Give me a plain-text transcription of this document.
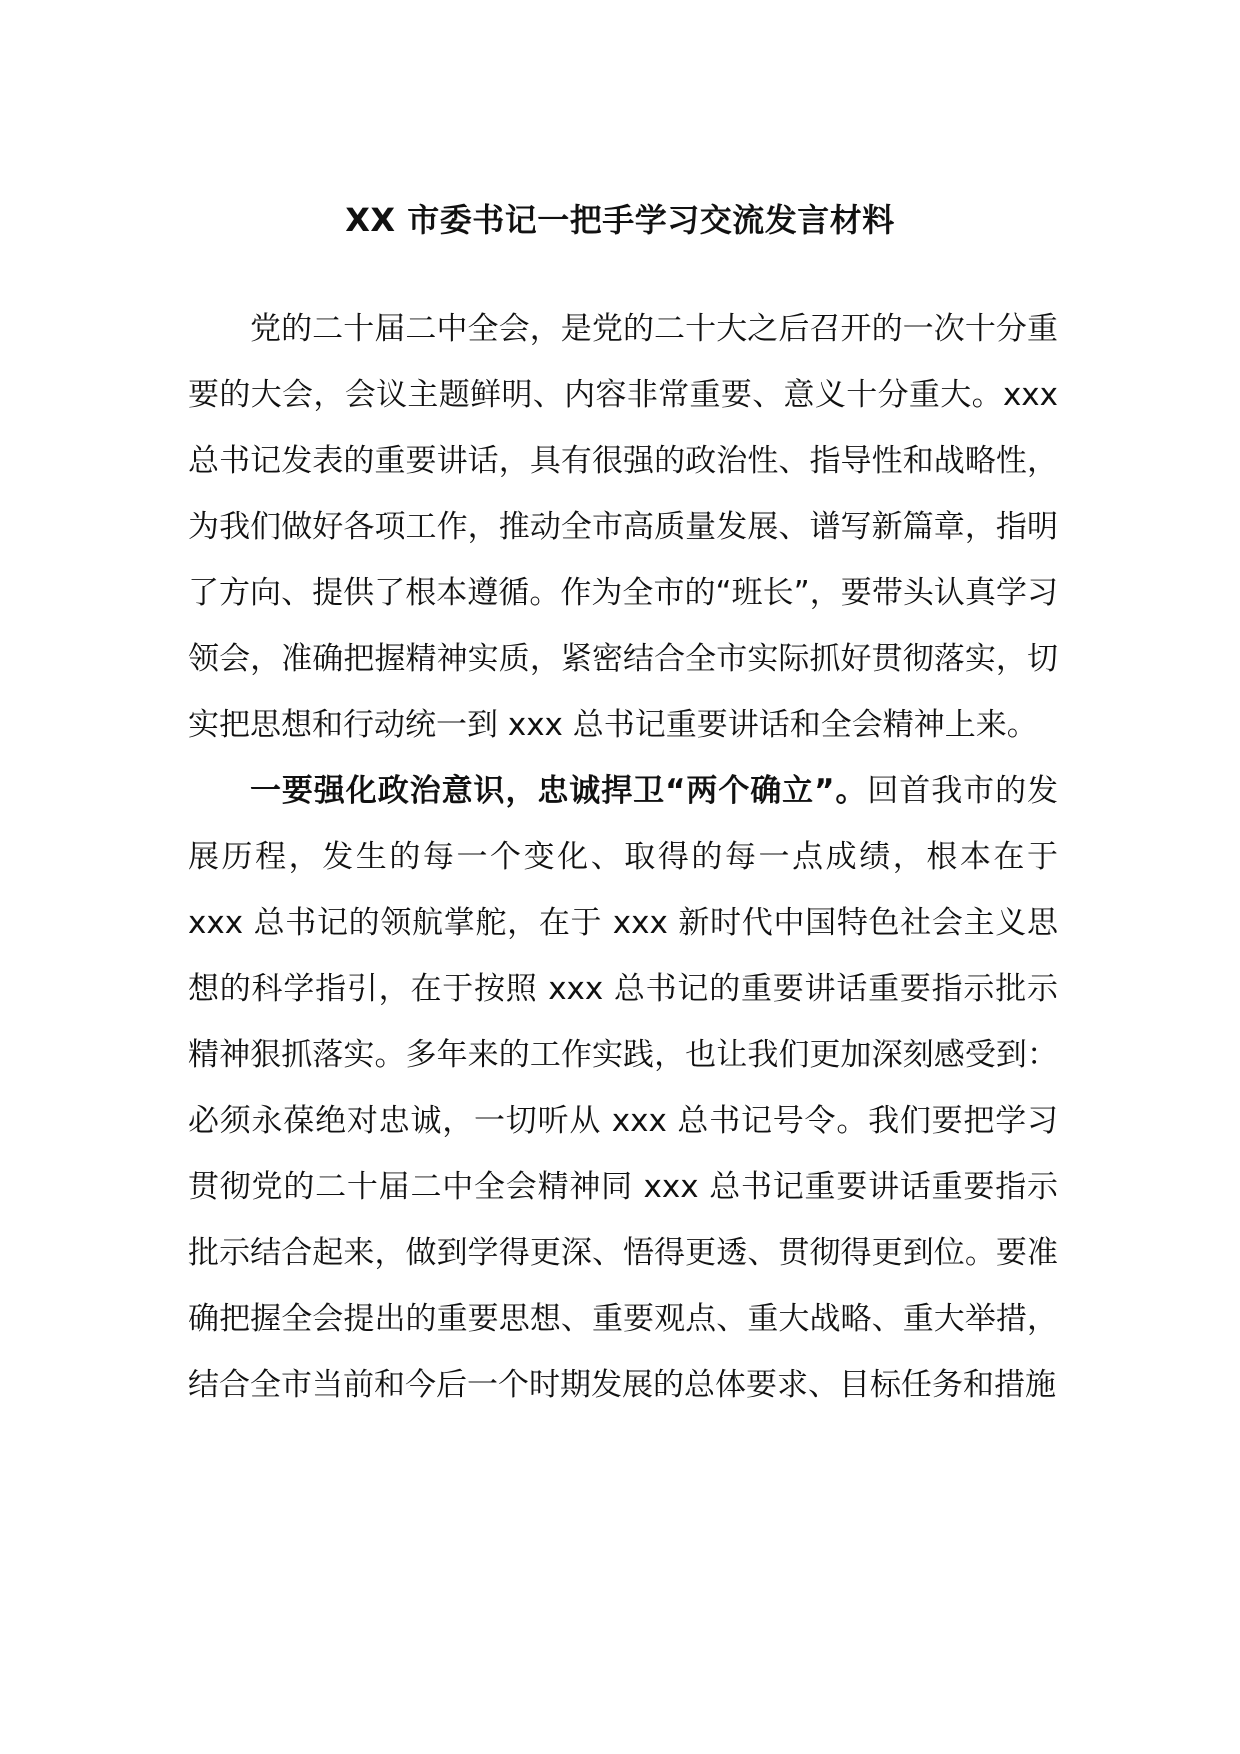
XX 市委书记一把手学习交流发言材料

党的二十届二中全会，是党的二十大之后召开的一次十分重要的大会，会议主题鲜明、内容非常重要、意义十分重大。xxx 总书记发表的重要讲话，具有很强的政治性、指导性和战略性，为我们做好各项工作，推动全市高质量发展、谱写新篇章，指明了方向、提供了根本遵循。作为全市的“班长”，要带头认真学习领会，准确把握精神实质，紧密结合全市实际抓好贯彻落实，切实把思想和行动统一到 xxx 总书记重要讲话和全会精神上来。

一要强化政治意识，忠诚捍卫“两个确立”。回首我市的发展历程，发生的每一个变化、取得的每一点成绩，根本在于 xxx 总书记的领航掌舵，在于 xxx 新时代中国特色社会主义思想的科学指引，在于按照 xxx 总书记的重要讲话重要指示批示精神狠抓落实。多年来的工作实践，也让我们更加深刻感受到：必须永葆绝对忠诚，一切听从 xxx 总书记号令。我们要把学习贯彻党的二十届二中全会精神同 xxx 总书记重要讲话重要指示批示结合起来，做到学得更深、悟得更透、贯彻得更到位。要准确把握全会提出的重要思想、重要观点、重大战略、重大举措，结合全市当前和今后一个时期发展的总体要求、目标任务和措施
